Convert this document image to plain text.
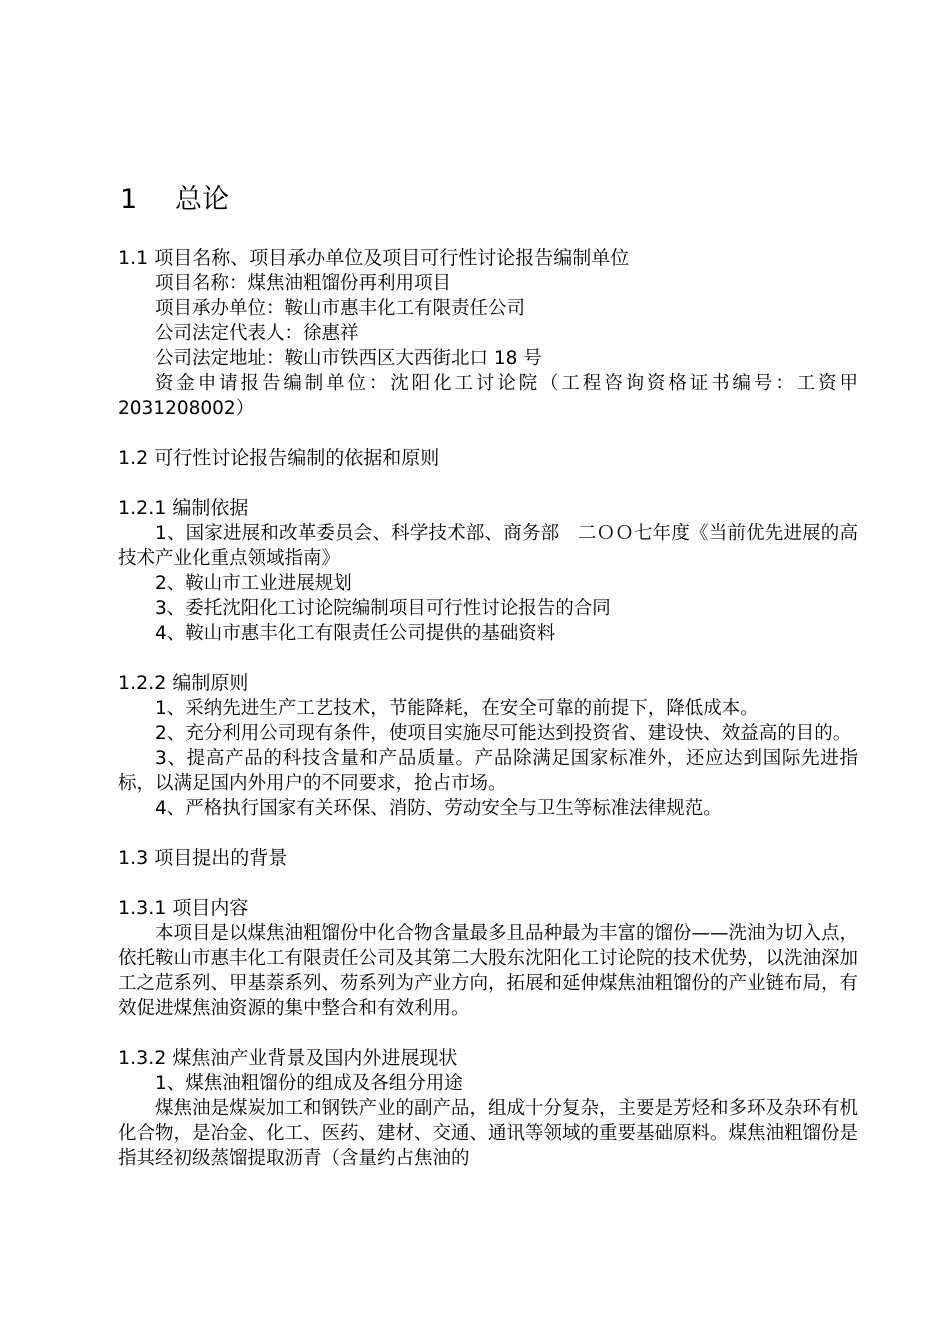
1 总论
1.1 项目名称、项目承办单位及项目可行性讨论报告编制单位

项目名称：煤焦油粗馏份再利用项目

项目承办单位：鞍山市惠丰化工有限责任公司

公司法定代表人：徐惠祥

公司法定地址：鞍山市铁西区大西街北口 18 号

资金申请报告编制单位：沈阳化工讨论院（工程咨询资格证书编号：工资甲 2031208002）

1.2 可行性讨论报告编制的依据和原则
1.2.1 编制依据

1、国家进展和改革委员会、科学技术部、商务部　二ＯＯ七年度《当前优先进展的高技术产业化重点领域指南》

2、鞍山市工业进展规划

3、委托沈阳化工讨论院编制项目可行性讨论报告的合同

4、鞍山市惠丰化工有限责任公司提供的基础资料

1.2.2 编制原则

1、采纳先进生产工艺技术，节能降耗，在安全可靠的前提下，降低成本。

2、充分利用公司现有条件，使项目实施尽可能达到投资省、建设快、效益高的目的。

3、提高产品的科技含量和产品质量。产品除满足国家标准外，还应达到国际先进指标，以满足国内外用户的不同要求，抢占市场。

4、严格执行国家有关环保、消防、劳动安全与卫生等标准法律规范。

1.3 项目提出的背景
1.3.1 项目内容

本项目是以煤焦油粗馏份中化合物含量最多且品种最为丰富的馏份——洗油为切入点，依托鞍山市惠丰化工有限责任公司及其第二大股东沈阳化工讨论院的技术优势，以洗油深加工之苊系列、甲基萘系列、芴系列为产业方向，拓展和延伸煤焦油粗馏份的产业链布局，有效促进煤焦油资源的集中整合和有效利用。

1.3.2 煤焦油产业背景及国内外进展现状

1、煤焦油粗馏份的组成及各组分用途

煤焦油是煤炭加工和钢铁产业的副产品，组成十分复杂，主要是芳烃和多环及杂环有机化合物，是冶金、化工、医药、建材、交通、通讯等领域的重要基础原料。煤焦油粗馏份是指其经初级蒸馏提取沥青（含量约占焦油的
